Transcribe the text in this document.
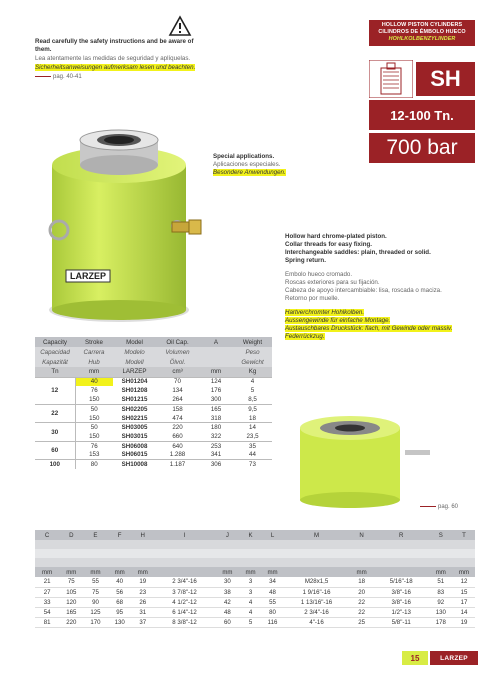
HOLLOW PISTON CYLINDERS
CILINDROS DE ÉMBOLO HUECO
HOHLKOLBENZYLINDER
SH
12-100 Tn.
700 bar
Read carefully the safety instructions and be aware of them.
Lea atentamente las medidas de seguridad y aplíquelas.
Sicherheitsanweisungen aufmerksam lesen und beachten.
pag. 40-41
Special applications.
Aplicaciones especiales.
Besondere Anwendungen.
LARZEP
Hollow hard chrome-plated piston.
Collar threads for easy fixing.
Interchangeable saddles: plain, threaded or solid.
Spring return.
Embolo hueco cromado.
Roscas exteriores para su fijación.
Cabeza de apoyo intercambiable: lisa, roscada o maciza.
Retorno por muelle.
Hartverchromter Hohlkolben.
Aussengewinde für einfache Montage.
Austauschbares Druckstück: flach, mit Gewinde oder massiv.
Federrückzug.
Capacity	Stroke	Model	Oil Cap.	A	Weight
Capacidad	Carrera	Modelo	Volumen		Peso
Kapazität	Hub	Modell	Ölvol.		Gewicht
Tn	mm	LARZEP	cm³	mm	Kg
12	40	SH01204	70	124	4
	76	SH01208	134	176	5
	150	SH01215	264	300	8,5
22	50	SH02205	158	165	9,5
	150	SH02215	474	318	18
30	50	SH03005	220	180	14
	150	SH03015	660	322	23,5
60	76	SH06008	640	253	35
	153	SH06015	1.288	341	44
100	80	SH10008	1.187	306	73
pag. 60
C	D	E	F	H	I	J	K	L	M	N	R	S	T

mm	mm	mm	mm	mm		mm	mm	mm		mm		mm	mm
21	75	55	40	19	2 3/4"-16	30	3	34	M28x1,5	18	5/16"-18	51	12
27	105	75	56	23	3 7/8"-12	38	3	48	1 9/16"-16	20	3/8"-16	83	15
33	120	90	68	26	4 1/2"-12	42	4	55	1 13/16"-16	22	3/8"-16	92	17
54	165	125	95	31	6 1/4"-12	48	4	80	2 3/4"-16	22	1/2"-13	130	14
81	220	170	130	37	8 3/8"-12	60	5	116	4"-16	25	5/8"-11	178	19
15	LARZEP
